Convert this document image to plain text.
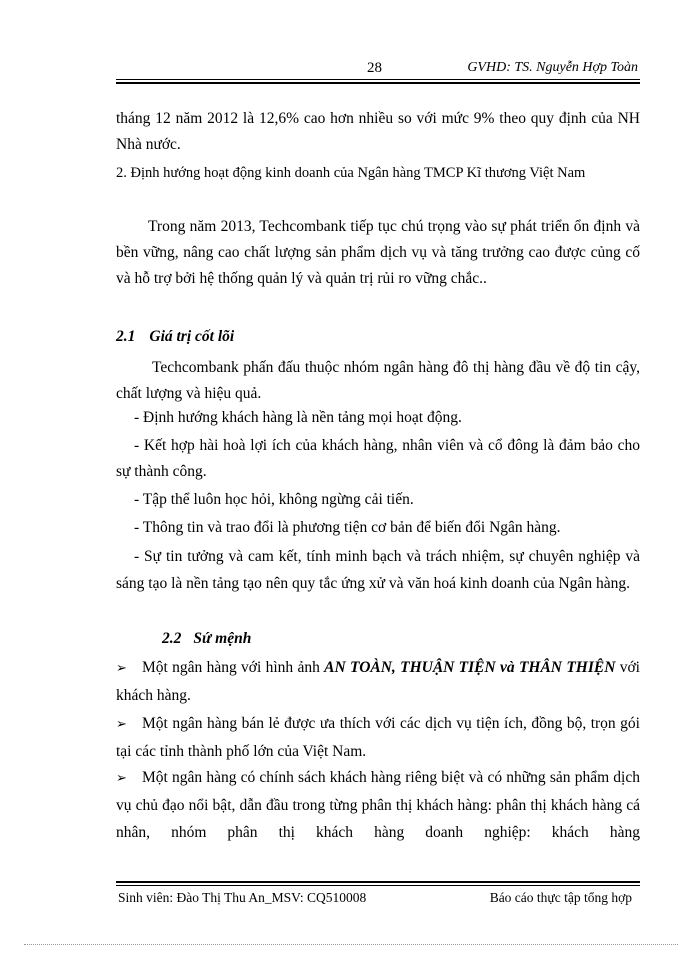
28	GVHD: TS. Nguyễn Hợp Toàn

tháng 12 năm 2012 là 12,6% cao hơn nhiều so với mức 9% theo quy định của NH Nhà nước.

2. Định hướng hoạt động kinh doanh của Ngân hàng TMCP Kĩ thương Việt Nam

Trong năm 2013, Techcombank tiếp tục chú trọng vào sự phát triển ổn định và bền vững, nâng cao chất lượng sản phẩm dịch vụ và tăng trưởng cao được củng cố và hỗ trợ bởi hệ thống quản lý và quản trị rủi ro vững chắc..

2.1 Giá trị cốt lõi

Techcombank phấn đấu thuộc nhóm ngân hàng đô thị hàng đầu về độ tin cậy, chất lượng và hiệu quả.

- Định hướng khách hàng là nền tảng mọi hoạt động.

- Kết hợp hài hoà lợi ích của khách hàng, nhân viên và cổ đông là đảm bảo cho sự thành công.

- Tập thể luôn học hỏi, không ngừng cải tiến.

- Thông tin và trao đổi là phương tiện cơ bản để biến đổi Ngân hàng.

- Sự tin tưởng và cam kết, tính minh bạch và trách nhiệm, sự chuyên nghiệp và sáng tạo là nền tảng tạo nên quy tắc ứng xử và văn hoá kinh doanh của Ngân hàng.

2.2 Sứ mệnh

➢ Một ngân hàng với hình ảnh AN TOÀN, THUẬN TIỆN và THÂN THIỆN với khách hàng.

➢ Một ngân hàng bán lẻ được ưa thích với các dịch vụ tiện ích, đồng bộ, trọn gói tại các tỉnh thành phố lớn của Việt Nam.

➢ Một ngân hàng có chính sách khách hàng riêng biệt và có những sản phẩm dịch vụ chủ đạo nổi bật, dẫn đầu trong từng phân thị khách hàng: phân thị khách hàng cá nhân, nhóm phân thị khách hàng doanh nghiệp: khách hàng

Sinh viên: Đào Thị Thu An_MSV: CQ510008	Báo cáo thực tập tổng hợp
